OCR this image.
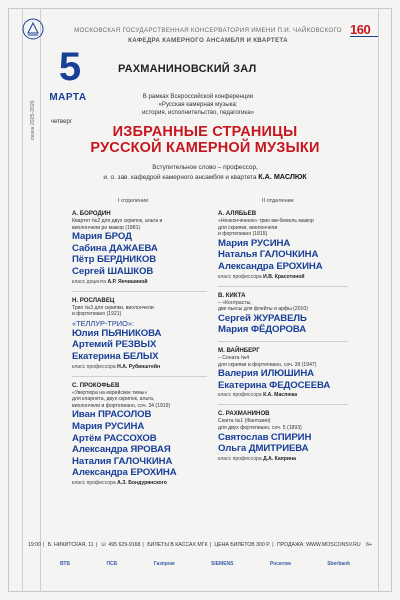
160
МОСКОВСКАЯ ГОСУДАРСТВЕННАЯ КОНСЕРВАТОРИЯ ИМЕНИ П.И. ЧАЙКОВСКОГО
КАФЕДРА КАМЕРНОГО АНСАМБЛЯ И КВАРТЕТА
5
МАРТА
четверг
сезон 2025-2026
РАХМАНИНОВСКИЙ ЗАЛ
В рамках Всероссийской конференции
«Русская камерная музыка:
история, исполнительство, педагогика»
ИЗБРАННЫЕ СТРАНИЦЫ
РУССКОЙ КАМЕРНОЙ МУЗЫКИ
Вступительное слово – профессор,
и. о. зав. кафедрой камерного ансамбля и квартета К.А. МАСЛЮК
I отделение	II отделение
А. БОРОДИН
Квартет №2 для двух скрипок, альта и
виолончели ре мажор (1881)
Мария БРОД
Сабина ДАЖАЕВА
Пётр БЕРДНИКОВ
Сергей ШАШКОВ
класс доцента А.Р. Янчишиной
Н. РОСЛАВЕЦ
Трио №3 для скрипки, виолончели
и фортепиано (1921)
«ТЕЛЛУР-ТРИО»:
Юлия ПЬЯНИКОВА
Артемий РЕЗВЫХ
Екатерина БЕЛЫХ
класс профессора Н.А. Рубинштейн
С. ПРОКОФЬЕВ
«Увертюра на еврейские темы»
для кларнета, двух скрипок, альта,
виолончели и фортепиано, соч. 34 (1919)
Иван ПРАСОЛОВ
Мария РУСИНА
Артём РАССОХОВ
Александра ЯРОВАЯ
Наталия ГАЛОЧКИНА
Александра ЕРОХИНА
класс профессора А.З. Бондурянского
А. АЛЯБЬЕВ
«Неоконченное» трио ми-бемоль мажор
для скрипки, виолончели
и фортепиано (1815)
Мария РУСИНА
Наталья ГАЛОЧКИНА
Александра ЕРОХИНА
класс профессора И.В. Красотиной
В. КИКТА
– «Контрасты,
две пьесы для флейты и арфы (2010)
Сергей ЖУРАВЕЛЬ
Мария ФЁДОРОВА
М. ВАЙНБЕРГ
– Соната №4
для скрипки и фортепиано, соч. 39 (1947)
Валерия ИЛЮШИНА
Екатерина ФЕДОСЕЕВА
класс профессора К.А. Маслюка
С. РАХМАНИНОВ
Сюита №1 (Фантазия)
для двух фортепиано, соч. 5 (1893)
Святослав СПИРИН
Ольга ДМИТРИЕВА
класс профессора Д.А. Каприна
19:00 | Б. НИКИТСКАЯ, 11 | ☏ 495 629-9168 | БИЛЕТЫ В КАССАХ МГК | ЦЕНА БИЛЕТОВ 300 Р. | ПРОДАЖА: WWW.MOSCONSV.RU 6+
ВТБ	ПСБ	Газпром	SIEMENS	Росатом	Sberbank
